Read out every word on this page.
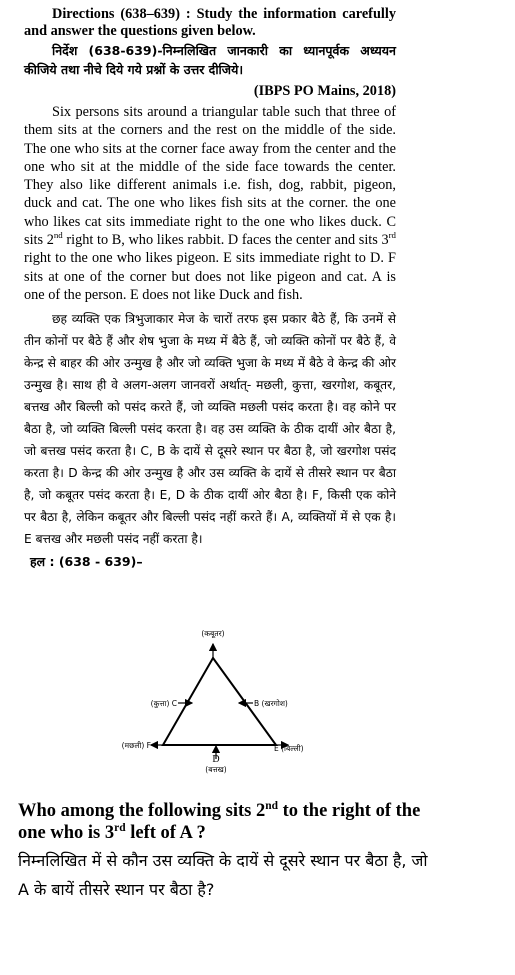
Directions (638–639) : Study the information carefully and answer the questions given below.
निर्देश (638-639)-निम्नलिखित जानकारी का ध्यानपूर्वक अध्ययन कीजिये तथा नीचे दिये गये प्रश्नों के उत्तर दीजिये।
(IBPS PO Mains, 2018)
Six persons sits around a triangular table such that three of them sits at the corners and the rest on the middle of the side. The one who sits at the corner face away from the center and the one who sit at the middle of the side face towards the center. They also like different animals i.e. fish, dog, rabbit, pigeon, duck and cat. The one who likes fish sits at the corner. the one who likes cat sits immediate right to the one who likes duck. C sits 2nd right to B, who likes rabbit. D faces the center and sits 3rd right to the one who likes pigeon. E sits immediate right to D. F sits at one of the corner but does not like pigeon and cat. A is one of the person. E does not like Duck and fish.
छह व्यक्ति एक त्रिभुजाकार मेज के चारों तरफ इस प्रकार बैठे हैं, कि उनमें से तीन कोनों पर बैठे हैं और शेष भुजा के मध्य में बैठे हैं, जो व्यक्ति कोनों पर बैठे हैं, वे केन्द्र से बाहर की ओर उन्मुख है और जो व्यक्ति भुजा के मध्य में बैठे वे केन्द्र की ओर उन्मुख है। साथ ही वे अलग-अलग जानवरों अर्थात्- मछली, कुत्ता, खरगोश, कबूतर, बत्तख और बिल्ली को पसंद करते हैं, जो व्यक्ति मछली पसंद करता है। वह कोने पर बैठा है, जो व्यक्ति बिल्ली पसंद करता है। वह उस व्यक्ति के ठीक दायीं ओर बैठा है, जो बत्तख पसंद करता है। C, B के दायें से दूसरे स्थान पर बैठा है, जो खरगोश पसंद करता है। D केन्द्र की ओर उन्मुख है और उस व्यक्ति के दायें से तीसरे स्थान पर बैठा है, जो कबूतर पसंद करता है। E, D के ठीक दायीं ओर बैठा है। F, किसी एक कोने पर बैठा है, लेकिन कबूतर और बिल्ली पसंद नहीं करते हैं। A, व्यक्तियों में से एक है। E बत्तख और मछली पसंद नहीं करता है।
हल : (638 - 639)–
(कबूतर)
A
(कुत्ता) C	B (खरगोश)
(मछली) F	E (बिल्ली)
D
(बत्तख)
Who among the following sits 2nd to the right of the one who is 3rd left of A ?
निम्नलिखित में से कौन उस व्यक्ति के दायें से दूसरे स्थान पर बैठा है, जो A के बायें तीसरे स्थान पर बैठा है?
